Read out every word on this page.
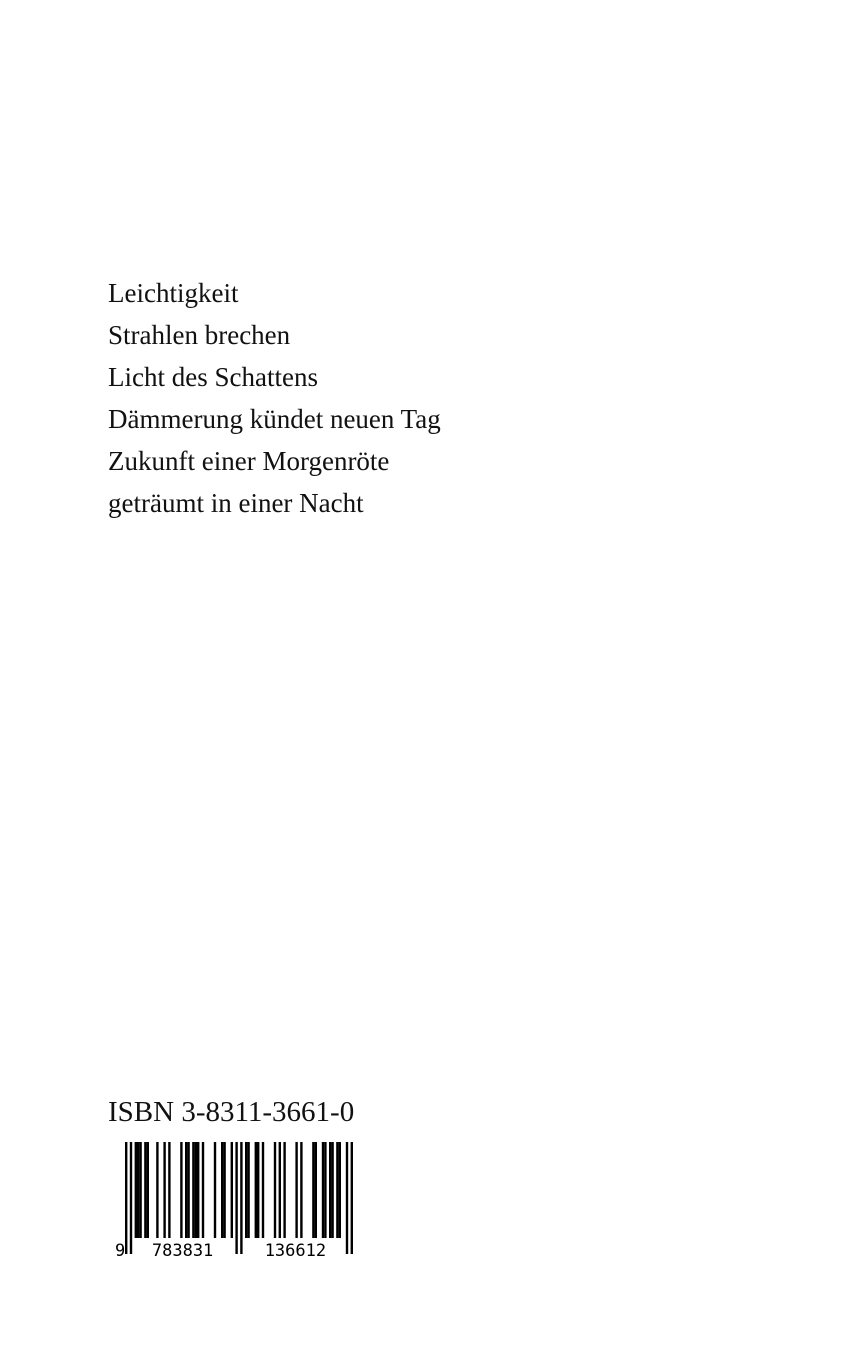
Leichtigkeit
Strahlen brechen
Licht des Schattens
Dämmerung kündet neuen Tag
Zukunft einer Morgenröte
geträumt in einer Nacht
ISBN 3-8311-3661-0
9 783831	136612
